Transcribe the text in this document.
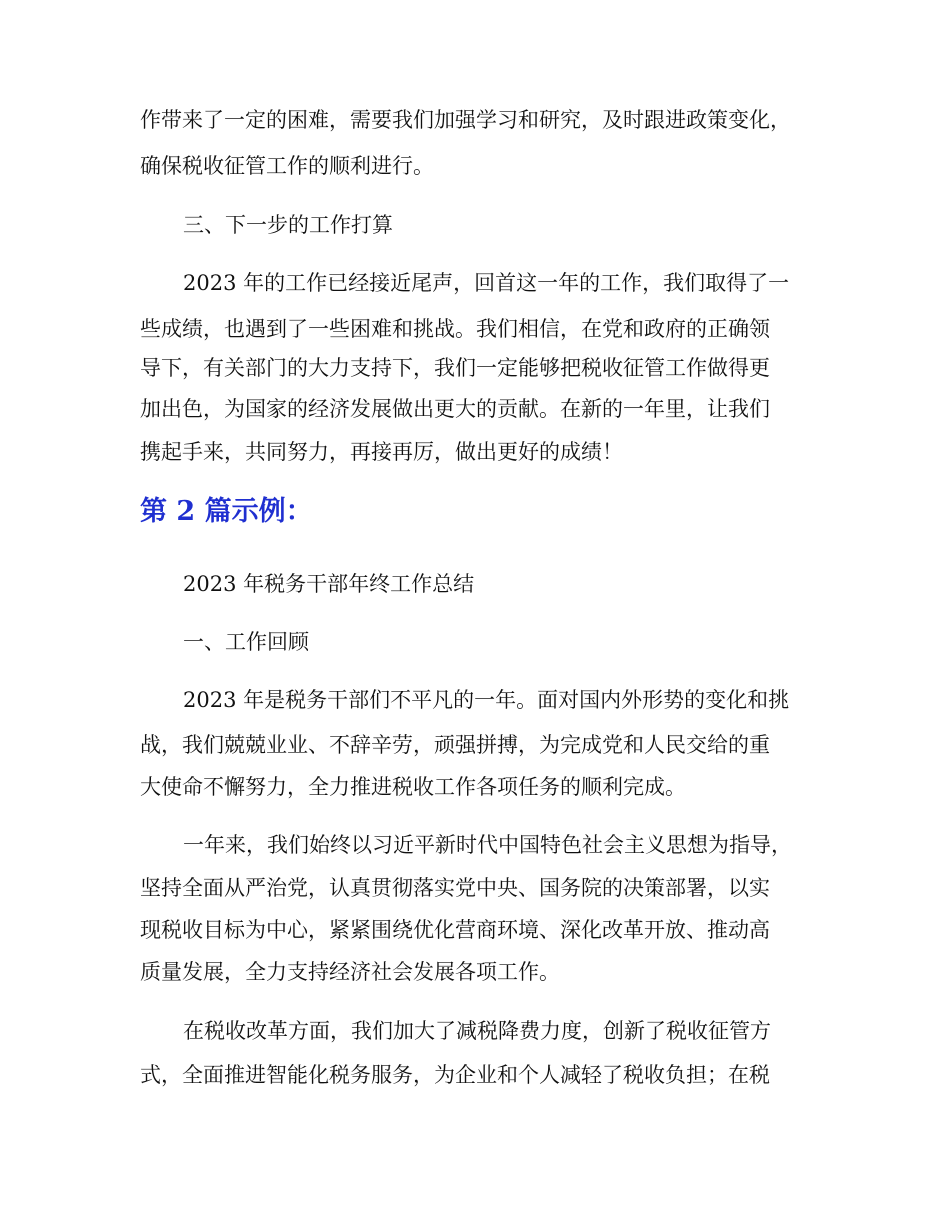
作带来了一定的困难，需要我们加强学习和研究，及时跟进政策变化，

确保税收征管工作的顺利进行。

三、下一步的工作打算

2023 年的工作已经接近尾声，回首这一年的工作，我们取得了一

些成绩，也遇到了一些困难和挑战。我们相信，在党和政府的正确领

导下，有关部门的大力支持下，我们一定能够把税收征管工作做得更

加出色，为国家的经济发展做出更大的贡献。在新的一年里，让我们

携起手来，共同努力，再接再厉，做出更好的成绩！

第 2 篇示例：

2023 年税务干部年终工作总结

一、工作回顾

2023 年是税务干部们不平凡的一年。面对国内外形势的变化和挑

战，我们兢兢业业、不辞辛劳，顽强拼搏，为完成党和人民交给的重

大使命不懈努力，全力推进税收工作各项任务的顺利完成。

一年来，我们始终以习近平新时代中国特色社会主义思想为指导，

坚持全面从严治党，认真贯彻落实党中央、国务院的决策部署，以实

现税收目标为中心，紧紧围绕优化营商环境、深化改革开放、推动高

质量发展，全力支持经济社会发展各项工作。

在税收改革方面，我们加大了减税降费力度，创新了税收征管方

式，全面推进智能化税务服务，为企业和个人减轻了税收负担；在税
